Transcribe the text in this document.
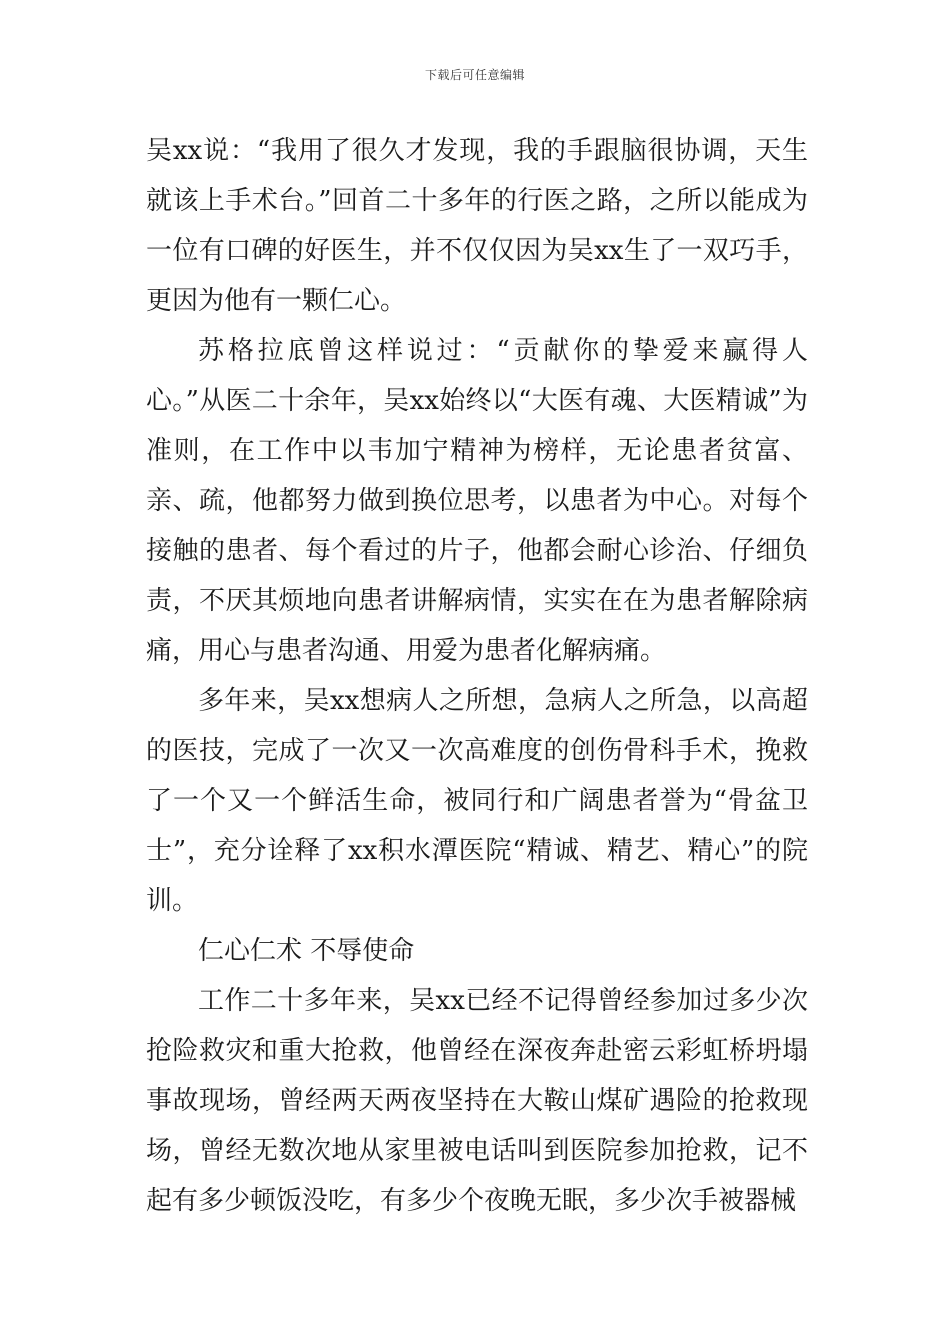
下载后可任意编辑

吴xx说：“我用了很久才发现，我的手跟脑很协调，天生就该上手术台。”回首二十多年的行医之路，之所以能成为一位有口碑的好医生，并不仅仅因为吴xx生了一双巧手，更因为他有一颗仁心。

苏格拉底曾这样说过：“贡献你的挚爱来赢得人心。”从医二十余年，吴xx始终以“大医有魂、大医精诚”为准则，在工作中以韦加宁精神为榜样，无论患者贫富、亲、疏，他都努力做到换位思考，以患者为中心。对每个接触的患者、每个看过的片子，他都会耐心诊治、仔细负责，不厌其烦地向患者讲解病情，实实在在为患者解除病痛，用心与患者沟通、用爱为患者化解病痛。

多年来，吴xx想病人之所想，急病人之所急，以高超的医技，完成了一次又一次高难度的创伤骨科手术，挽救了一个又一个鲜活生命，被同行和广阔患者誉为“骨盆卫士”，充分诠释了xx积水潭医院“精诚、精艺、精心”的院训。

仁心仁术 不辱使命

工作二十多年来，吴xx已经不记得曾经参加过多少次抢险救灾和重大抢救，他曾经在深夜奔赴密云彩虹桥坍塌事故现场，曾经两天两夜坚持在大鞍山煤矿遇险的抢救现场，曾经无数次地从家里被电话叫到医院参加抢救，记不起有多少顿饭没吃，有多少个夜晚无眠，多少次手被器械
